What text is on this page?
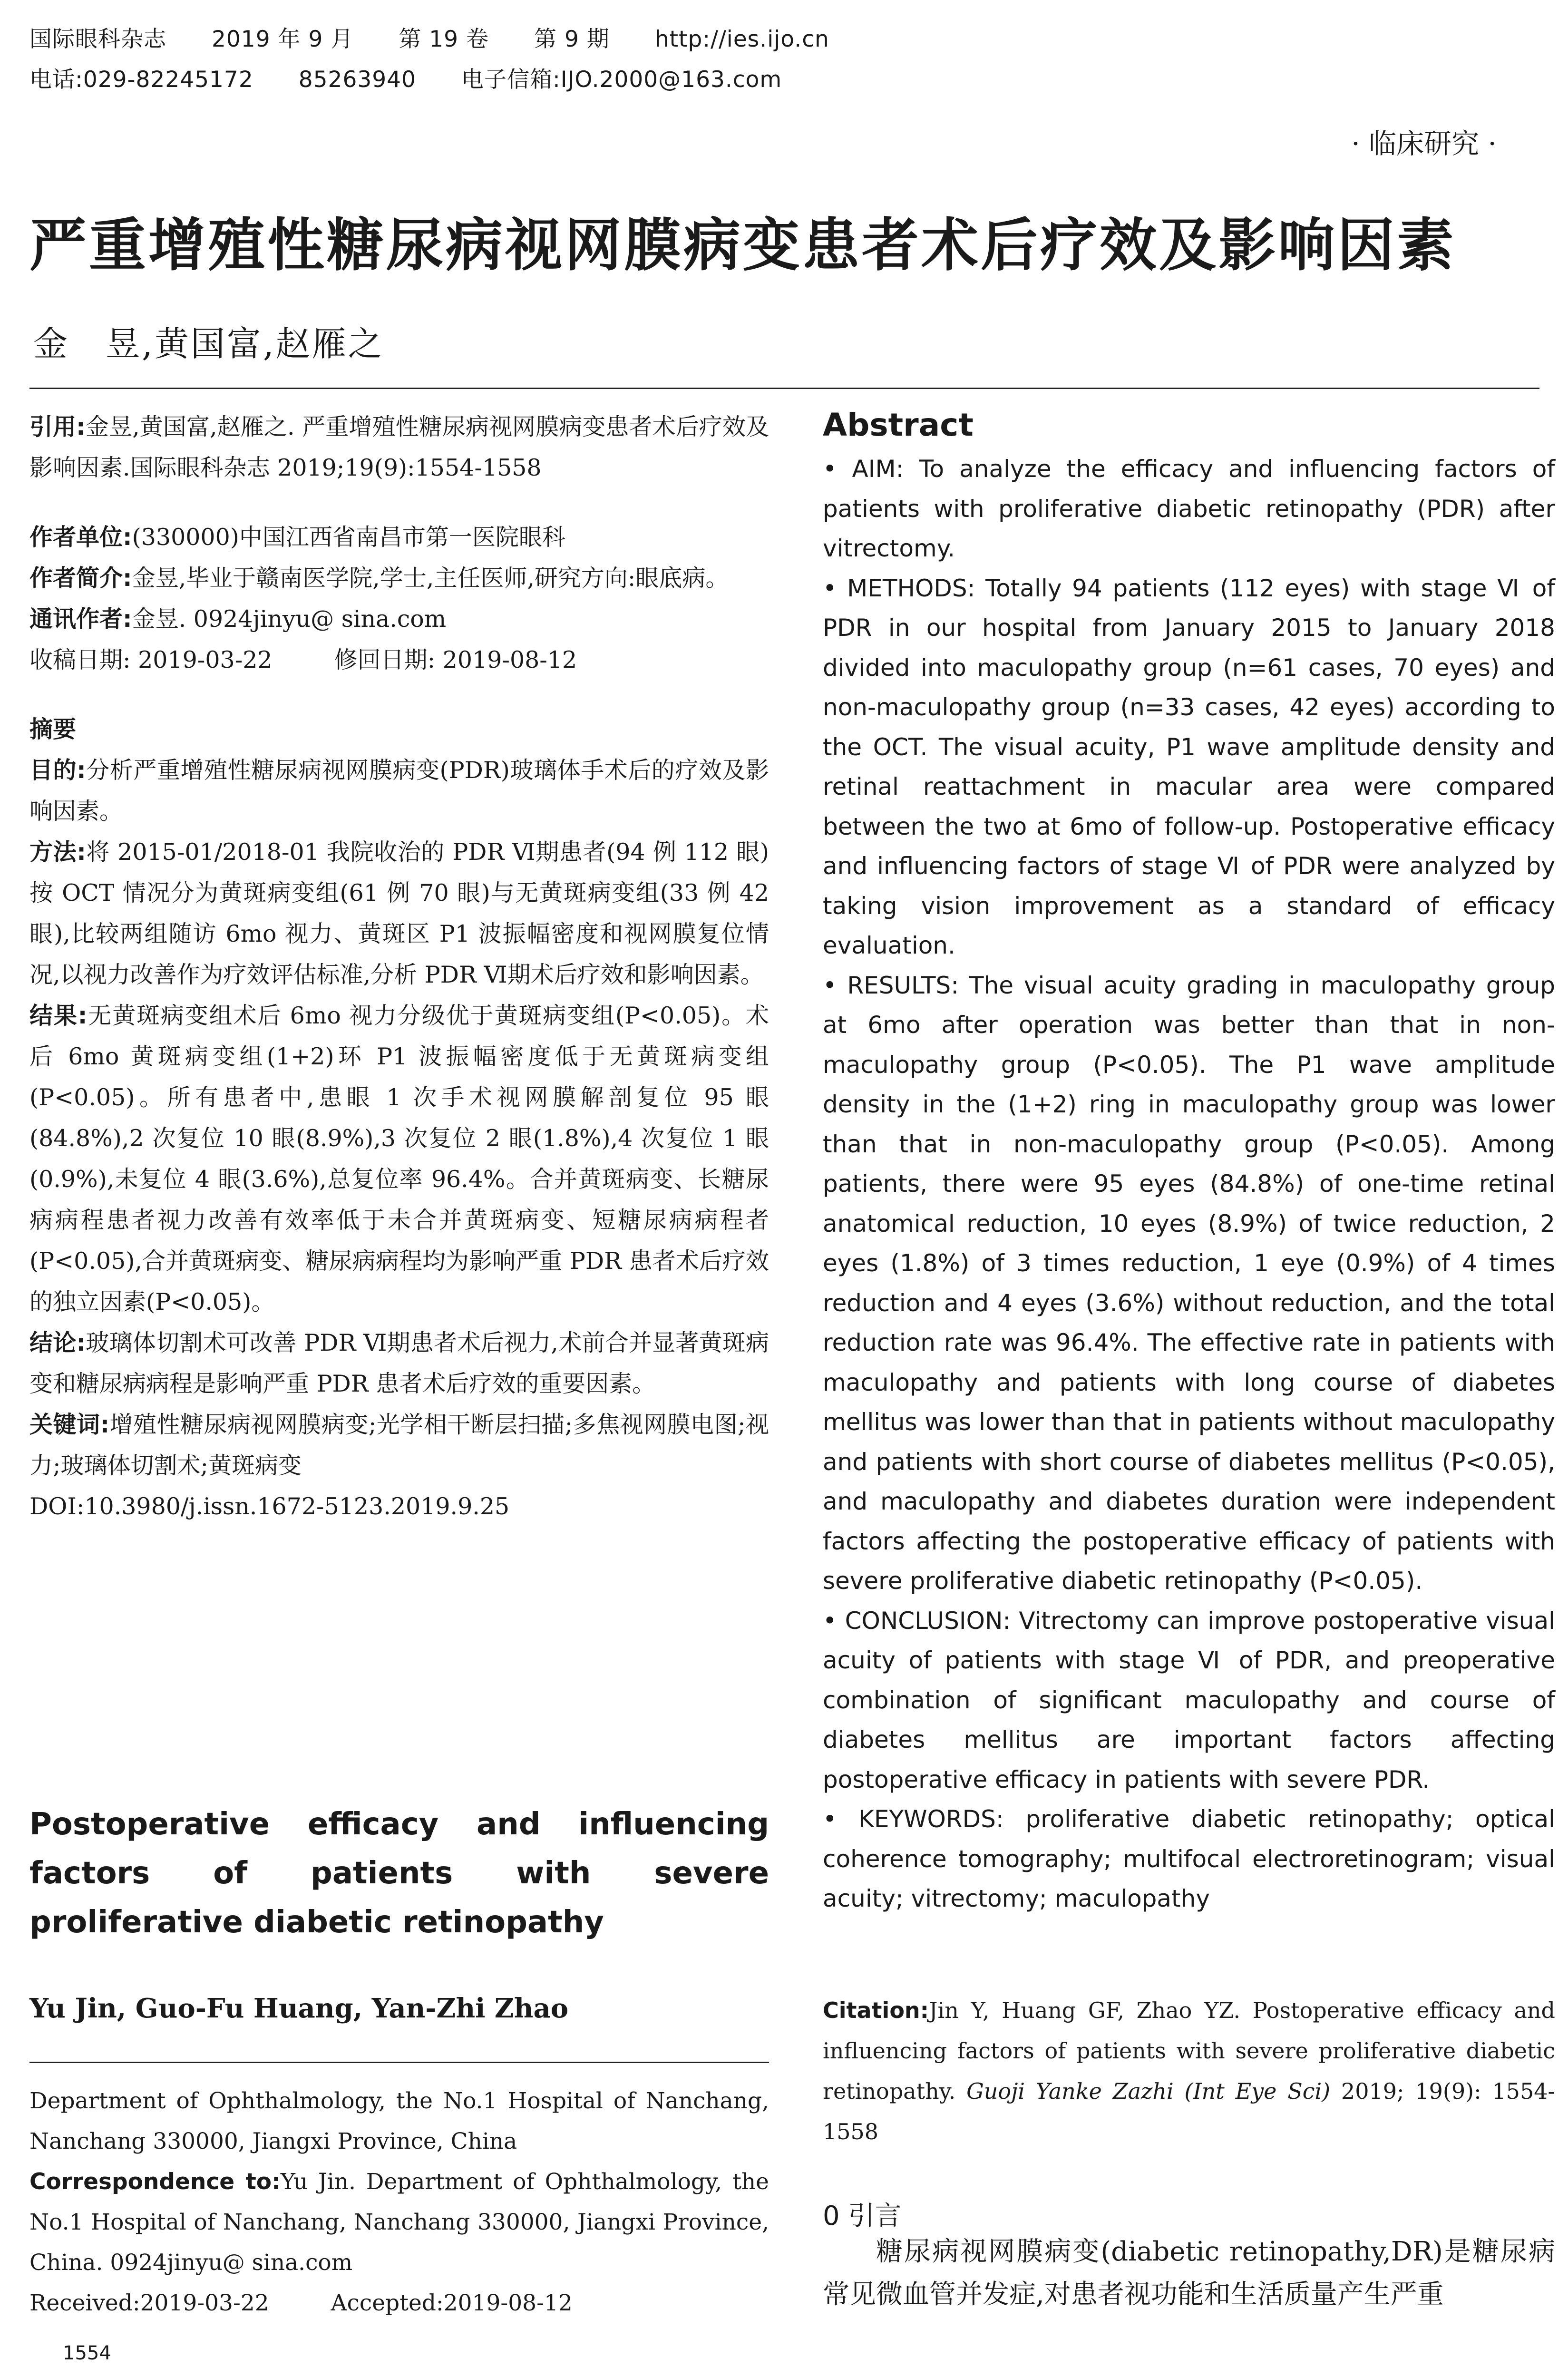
国际眼科杂志 2019 年 9 月 第 19 卷 第 9 期 http://ies.ijo.cn
电话:029-82245172 85263940 电子信箱:IJO.2000@163.com
· 临床研究 ·
严重增殖性糖尿病视网膜病变患者术后疗效及影响因素
金　昱,黄国富,赵雁之

引用:金昱,黄国富,赵雁之. 严重增殖性糖尿病视网膜病变患者术后疗效及影响因素.国际眼科杂志 2019;19(9):1554-1558

作者单位:(330000)中国江西省南昌市第一医院眼科

作者简介:金昱,毕业于赣南医学院,学士,主任医师,研究方向:眼底病。

通讯作者:金昱. 0924jinyu@ sina.com

收稿日期: 2019-03-22	修回日期: 2019-08-12

摘要

目的:分析严重增殖性糖尿病视网膜病变(PDR)玻璃体手术后的疗效及影响因素。

方法:将 2015-01/2018-01 我院收治的 PDR Ⅵ期患者(94 例 112 眼)按 OCT 情况分为黄斑病变组(61 例 70 眼)与无黄斑病变组(33 例 42 眼),比较两组随访 6mo 视力、黄斑区 P1 波振幅密度和视网膜复位情况,以视力改善作为疗效评估标准,分析 PDR Ⅵ期术后疗效和影响因素。

结果:无黄斑病变组术后 6mo 视力分级优于黄斑病变组(P<0.05)。术后 6mo 黄斑病变组(1+2)环 P1 波振幅密度低于无黄斑病变组(P<0.05)。所有患者中,患眼 1 次手术视网膜解剖复位 95 眼(84.8%),2 次复位 10 眼(8.9%),3 次复位 2 眼(1.8%),4 次复位 1 眼(0.9%),未复位 4 眼(3.6%),总复位率 96.4%。合并黄斑病变、长糖尿病病程患者视力改善有效率低于未合并黄斑病变、短糖尿病病程者(P<0.05),合并黄斑病变、糖尿病病程均为影响严重 PDR 患者术后疗效的独立因素(P<0.05)。

结论:玻璃体切割术可改善 PDR Ⅵ期患者术后视力,术前合并显著黄斑病变和糖尿病病程是影响严重 PDR 患者术后疗效的重要因素。

关键词:增殖性糖尿病视网膜病变;光学相干断层扫描;多焦视网膜电图;视力;玻璃体切割术;黄斑病变

DOI:10.3980/j.issn.1672-5123.2019.9.25

Postoperative efficacy and influencing factors of patients with severe proliferative diabetic retinopathy
Yu Jin, Guo-Fu Huang, Yan-Zhi Zhao

Department of Ophthalmology, the No.1 Hospital of Nanchang, Nanchang 330000, Jiangxi Province, China

Correspondence to:Yu Jin. Department of Ophthalmology, the No.1 Hospital of Nanchang, Nanchang 330000, Jiangxi Province, China. 0924jinyu@ sina.com

Received:2019-03-22	Accepted:2019-08-12

1554
Abstract

• AIM: To analyze the efficacy and influencing factors of patients with proliferative diabetic retinopathy (PDR) after vitrectomy.

• METHODS: Totally 94 patients (112 eyes) with stage Ⅵ of PDR in our hospital from January 2015 to January 2018 divided into maculopathy group (n=61 cases, 70 eyes) and non-maculopathy group (n=33 cases, 42 eyes) according to the OCT. The visual acuity, P1 wave amplitude density and retinal reattachment in macular area were compared between the two at 6mo of follow-up. Postoperative efficacy and influencing factors of stage Ⅵ of PDR were analyzed by taking vision improvement as a standard of efficacy evaluation.

• RESULTS: The visual acuity grading in maculopathy group at 6mo after operation was better than that in non-maculopathy group (P<0.05). The P1 wave amplitude density in the (1+2) ring in maculopathy group was lower than that in non-maculopathy group (P<0.05). Among patients, there were 95 eyes (84.8%) of one-time retinal anatomical reduction, 10 eyes (8.9%) of twice reduction, 2 eyes (1.8%) of 3 times reduction, 1 eye (0.9%) of 4 times reduction and 4 eyes (3.6%) without reduction, and the total reduction rate was 96.4%. The effective rate in patients with maculopathy and patients with long course of diabetes mellitus was lower than that in patients without maculopathy and patients with short course of diabetes mellitus (P<0.05), and maculopathy and diabetes duration were independent factors affecting the postoperative efficacy of patients with severe proliferative diabetic retinopathy (P<0.05).

• CONCLUSION: Vitrectomy can improve postoperative visual acuity of patients with stage Ⅵ of PDR, and preoperative combination of significant maculopathy and course of diabetes mellitus are important factors affecting postoperative efficacy in patients with severe PDR.

• KEYWORDS: proliferative diabetic retinopathy; optical coherence tomography; multifocal electroretinogram; visual acuity; vitrectomy; maculopathy

Citation:Jin Y, Huang GF, Zhao YZ. Postoperative efficacy and influencing factors of patients with severe proliferative diabetic retinopathy. Guoji Yanke Zazhi (Int Eye Sci) 2019; 19(9): 1554-1558
0 引言
糖尿病视网膜病变(diabetic retinopathy,DR)是糖尿病常见微血管并发症,对患者视功能和生活质量产生严重
